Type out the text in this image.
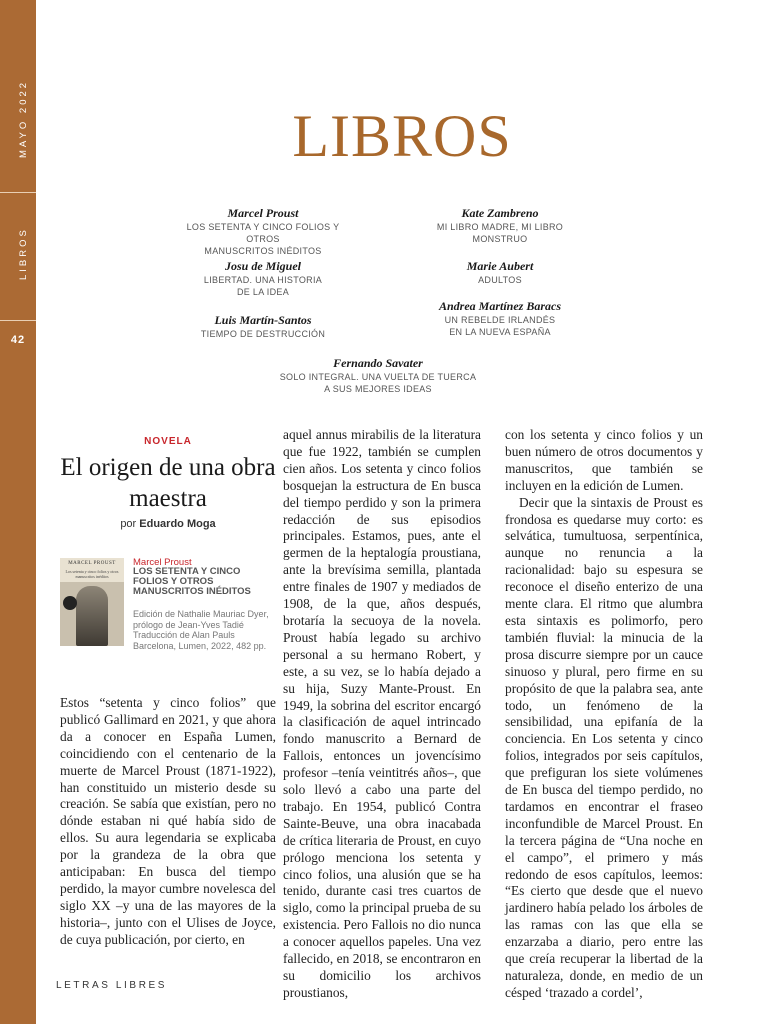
MAYO 2022
LIBROS
42
LIBROS
Marcel Proust
LOS SETENTA Y CINCO FOLIOS Y OTROS
MANUSCRITOS INÉDITOS
Josu de Miguel
LIBERTAD. UNA HISTORIA
DE LA IDEA
Luis Martín-Santos
TIEMPO DE DESTRUCCIÓN
Kate Zambreno
MI LIBRO MADRE, MI LIBRO
MONSTRUO
Marie Aubert
ADULTOS
Andrea Martínez Baracs
UN REBELDE IRLANDÉS
EN LA NUEVA ESPAÑA
Fernando Savater
SOLO INTEGRAL. UNA VUELTA DE TUERCA
A SUS MEJORES IDEAS
NOVELA
El origen de una obra maestra
por Eduardo Moga
MARCEL PROUST
Los setenta y cinco folios y otros manuscritos inéditos
Marcel Proust
LOS SETENTA Y CINCO FOLIOS Y OTROS MANUSCRITOS INÉDITOS
Edición de Nathalie Mauriac Dyer, prólogo de Jean-Yves Tadié Traducción de Alan Pauls Barcelona, Lumen, 2022, 482 pp.

Estos “setenta y cinco folios” que publicó Gallimard en 2021, y que ahora da a conocer en España Lumen, coincidiendo con el centenario de la muerte de Marcel Proust (1871-1922), han constituido un misterio desde su creación. Se sabía que existían, pero no dónde estaban ni qué había sido de ellos. Su aura legendaria se explicaba por la grandeza de la obra que anticipaban: En busca del tiempo perdido, la mayor cumbre novelesca del siglo XX –y una de las mayores de la historia–, junto con el Ulises de Joyce, de cuya publicación, por cierto, en

aquel annus mirabilis de la literatura que fue 1922, también se cumplen cien años. Los setenta y cinco folios bosquejan la estructura de En busca del tiempo perdido y son la primera redacción de sus episodios principales. Estamos, pues, ante el germen de la heptalogía proustiana, ante la brevísima semilla, plantada entre finales de 1907 y mediados de 1908, de la que, años después, brotaría la secuoya de la novela. Proust había legado su archivo personal a su hermano Robert, y este, a su vez, se lo había dejado a su hija, Suzy Mante-Proust. En 1949, la sobrina del escritor encargó la clasificación de aquel intrincado fondo manuscrito a Bernard de Fallois, entonces un jovencísimo profesor –tenía veintitrés años–, que solo llevó a cabo una parte del trabajo. En 1954, publicó Contra Sainte-Beuve, una obra inacabada de crítica literaria de Proust, en cuyo prólogo menciona los setenta y cinco folios, una alusión que se ha tenido, durante casi tres cuartos de siglo, como la principal prueba de su existencia. Pero Fallois no dio nunca a conocer aquellos papeles. Una vez fallecido, en 2018, se encontraron en su domicilio los archivos proustianos,

con los setenta y cinco folios y un buen número de otros documentos y manuscritos, que también se incluyen en la edición de Lumen.

Decir que la sintaxis de Proust es frondosa es quedarse muy corto: es selvática, tumultuosa, serpentínica, aunque no renuncia a la racionalidad: bajo su espesura se reconoce el diseño enterizo de una mente clara. El ritmo que alumbra esta sintaxis es polimorfo, pero también fluvial: la minucia de la prosa discurre siempre por un cauce sinuoso y plural, pero firme en su propósito de que la palabra sea, ante todo, un fenómeno de la sensibilidad, una epifanía de la conciencia. En Los setenta y cinco folios, integrados por seis capítulos, que prefiguran los siete volúmenes de En busca del tiempo perdido, no tardamos en encontrar el fraseo inconfundible de Marcel Proust. En la tercera página de “Una noche en el campo”, el primero y más redondo de esos capítulos, leemos: “Es cierto que desde que el nuevo jardinero había pelado los árboles de las ramas con las que ella se enzarzaba a diario, pero entre las que creía recuperar la libertad de la naturaleza, donde, en medio de un césped ‘trazado a cordel’,

LETRAS LIBRES
